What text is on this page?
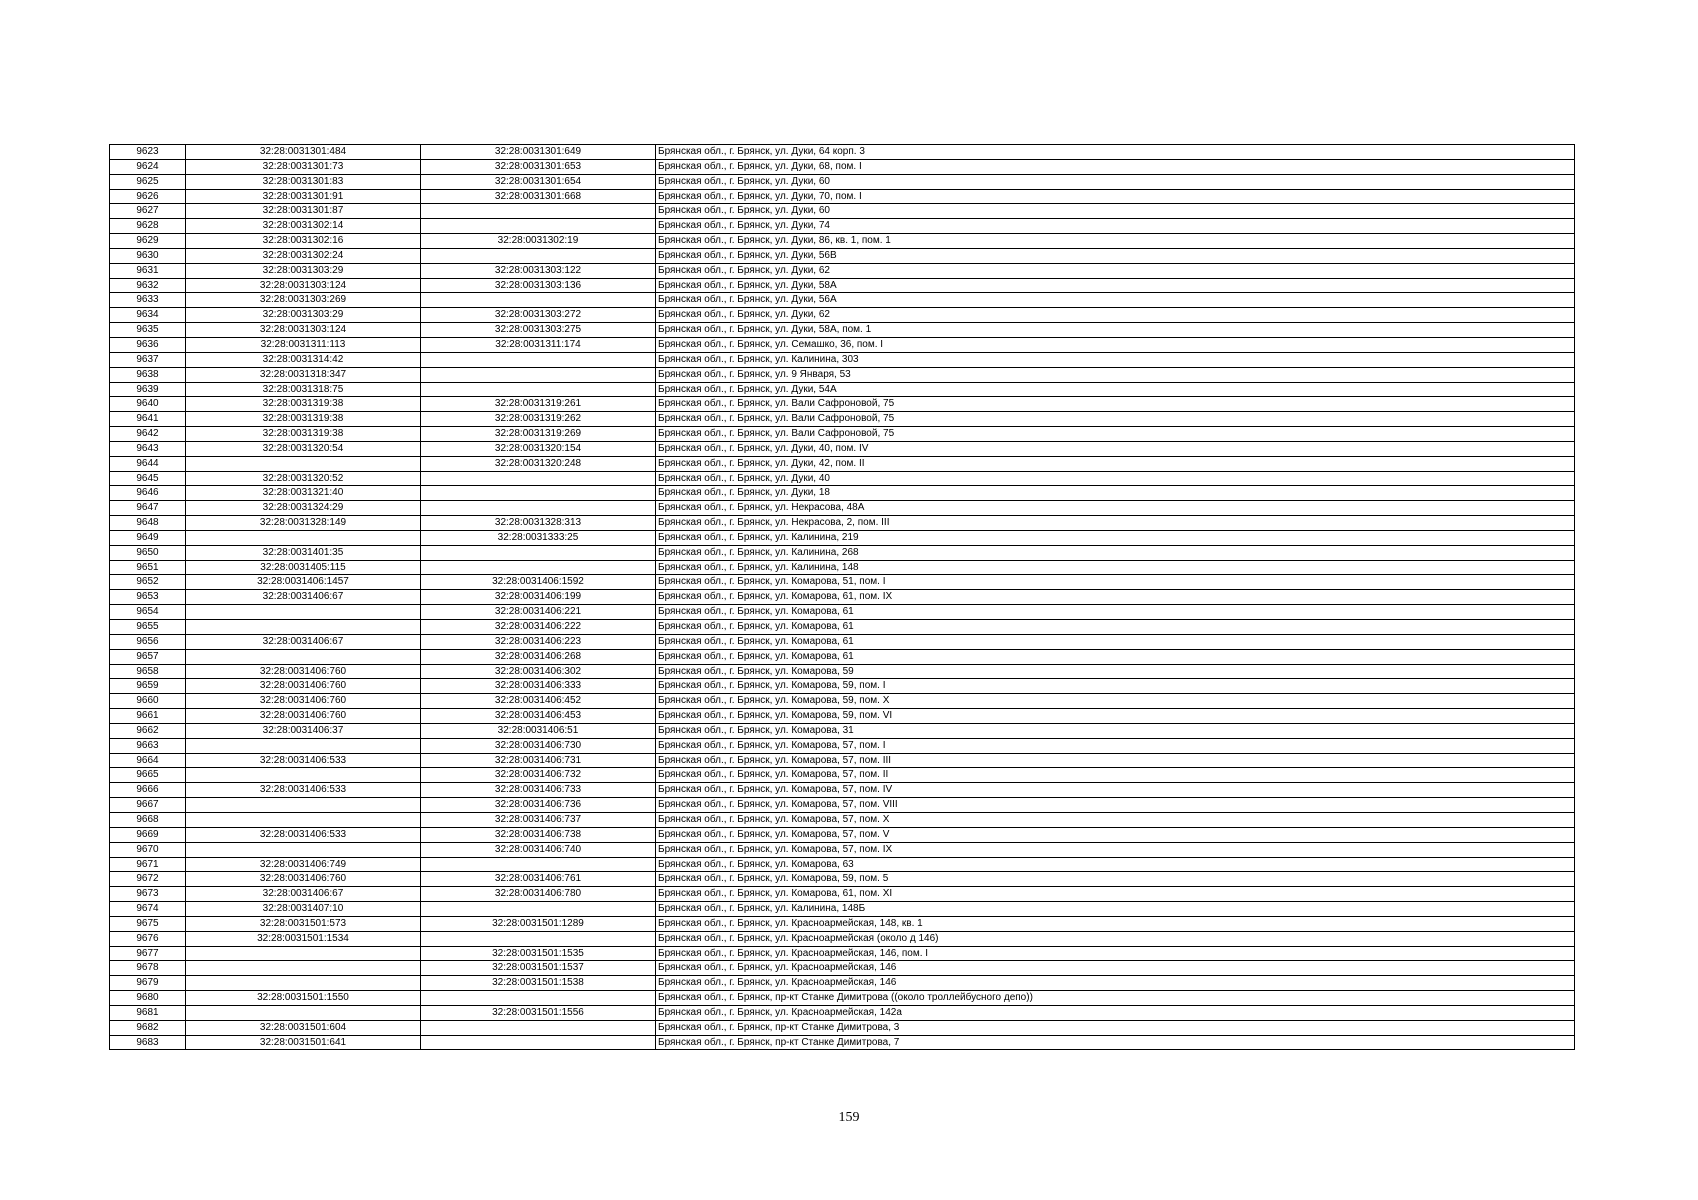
9623	32:28:0031301:484	32:28:0031301:649	Брянская обл., г. Брянск, ул. Дуки, 64 корп. 3
9624	32:28:0031301:73	32:28:0031301:653	Брянская обл., г. Брянск, ул. Дуки, 68, пом. I
9625	32:28:0031301:83	32:28:0031301:654	Брянская обл., г. Брянск, ул. Дуки, 60
9626	32:28:0031301:91	32:28:0031301:668	Брянская обл., г. Брянск, ул. Дуки, 70, пом. I
9627	32:28:0031301:87		Брянская обл., г. Брянск, ул. Дуки, 60
9628	32:28:0031302:14		Брянская обл., г. Брянск, ул. Дуки, 74
9629	32:28:0031302:16	32:28:0031302:19	Брянская обл., г. Брянск, ул. Дуки, 86, кв. 1, пом. 1
9630	32:28:0031302:24		Брянская обл., г. Брянск, ул. Дуки, 56В
9631	32:28:0031303:29	32:28:0031303:122	Брянская обл., г. Брянск, ул. Дуки, 62
9632	32:28:0031303:124	32:28:0031303:136	Брянская обл., г. Брянск, ул. Дуки, 58А
9633	32:28:0031303:269		Брянская обл., г. Брянск, ул. Дуки, 56А
9634	32:28:0031303:29	32:28:0031303:272	Брянская обл., г. Брянск, ул. Дуки, 62
9635	32:28:0031303:124	32:28:0031303:275	Брянская обл., г. Брянск, ул. Дуки, 58А, пом. 1
9636	32:28:0031311:113	32:28:0031311:174	Брянская обл., г. Брянск, ул. Семашко, 36, пом. I
9637	32:28:0031314:42		Брянская обл., г. Брянск, ул. Калинина, 303
9638	32:28:0031318:347		Брянская обл., г. Брянск, ул. 9 Января, 53
9639	32:28:0031318:75		Брянская обл., г. Брянск, ул. Дуки, 54А
9640	32:28:0031319:38	32:28:0031319:261	Брянская обл., г. Брянск, ул. Вали Сафроновой, 75
9641	32:28:0031319:38	32:28:0031319:262	Брянская обл., г. Брянск, ул. Вали Сафроновой, 75
9642	32:28:0031319:38	32:28:0031319:269	Брянская обл., г. Брянск, ул. Вали Сафроновой, 75
9643	32:28:0031320:54	32:28:0031320:154	Брянская обл., г. Брянск, ул. Дуки, 40, пом. IV
9644		32:28:0031320:248	Брянская обл., г. Брянск, ул. Дуки, 42, пом. II
9645	32:28:0031320:52		Брянская обл., г. Брянск, ул. Дуки, 40
9646	32:28:0031321:40		Брянская обл., г. Брянск, ул. Дуки, 18
9647	32:28:0031324:29		Брянская обл., г. Брянск, ул. Некрасова, 48А
9648	32:28:0031328:149	32:28:0031328:313	Брянская обл., г. Брянск, ул. Некрасова, 2, пом. III
9649		32:28:0031333:25	Брянская обл., г. Брянск, ул. Калинина, 219
9650	32:28:0031401:35		Брянская обл., г. Брянск, ул. Калинина, 268
9651	32:28:0031405:115		Брянская обл., г. Брянск, ул. Калинина, 148
9652	32:28:0031406:1457	32:28:0031406:1592	Брянская обл., г. Брянск, ул. Комарова, 51, пом. I
9653	32:28:0031406:67	32:28:0031406:199	Брянская обл., г. Брянск, ул. Комарова, 61, пом. IX
9654		32:28:0031406:221	Брянская обл., г. Брянск, ул. Комарова, 61
9655		32:28:0031406:222	Брянская обл., г. Брянск, ул. Комарова, 61
9656	32:28:0031406:67	32:28:0031406:223	Брянская обл., г. Брянск, ул. Комарова, 61
9657		32:28:0031406:268	Брянская обл., г. Брянск, ул. Комарова, 61
9658	32:28:0031406:760	32:28:0031406:302	Брянская обл., г. Брянск, ул. Комарова, 59
9659	32:28:0031406:760	32:28:0031406:333	Брянская обл., г. Брянск, ул. Комарова, 59, пом. I
9660	32:28:0031406:760	32:28:0031406:452	Брянская обл., г. Брянск, ул. Комарова, 59, пом. X
9661	32:28:0031406:760	32:28:0031406:453	Брянская обл., г. Брянск, ул. Комарова, 59, пом. VI
9662	32:28:0031406:37	32:28:0031406:51	Брянская обл., г. Брянск, ул. Комарова, 31
9663		32:28:0031406:730	Брянская обл., г. Брянск, ул. Комарова, 57, пом. I
9664	32:28:0031406:533	32:28:0031406:731	Брянская обл., г. Брянск, ул. Комарова, 57, пом. III
9665		32:28:0031406:732	Брянская обл., г. Брянск, ул. Комарова, 57, пом. II
9666	32:28:0031406:533	32:28:0031406:733	Брянская обл., г. Брянск, ул. Комарова, 57, пом. IV
9667		32:28:0031406:736	Брянская обл., г. Брянск, ул. Комарова, 57, пом. VIII
9668		32:28:0031406:737	Брянская обл., г. Брянск, ул. Комарова, 57, пом. X
9669	32:28:0031406:533	32:28:0031406:738	Брянская обл., г. Брянск, ул. Комарова, 57, пом. V
9670		32:28:0031406:740	Брянская обл., г. Брянск, ул. Комарова, 57, пом. IX
9671	32:28:0031406:749		Брянская обл., г. Брянск, ул. Комарова, 63
9672	32:28:0031406:760	32:28:0031406:761	Брянская обл., г. Брянск, ул. Комарова, 59, пом. 5
9673	32:28:0031406:67	32:28:0031406:780	Брянская обл., г. Брянск, ул. Комарова, 61, пом. XI
9674	32:28:0031407:10		Брянская обл., г. Брянск, ул. Калинина, 148Б
9675	32:28:0031501:573	32:28:0031501:1289	Брянская обл., г. Брянск, ул. Красноармейская, 148, кв. 1
9676	32:28:0031501:1534		Брянская обл., г. Брянск, ул. Красноармейская (около д 146)
9677		32:28:0031501:1535	Брянская обл., г. Брянск, ул. Красноармейская, 146, пом. I
9678		32:28:0031501:1537	Брянская обл., г. Брянск, ул. Красноармейская, 146
9679		32:28:0031501:1538	Брянская обл., г. Брянск, ул. Красноармейская, 146
9680	32:28:0031501:1550		Брянская обл., г. Брянск, пр-кт Станке Димитрова ((около троллейбусного депо))
9681		32:28:0031501:1556	Брянская обл., г. Брянск, ул. Красноармейская, 142а
9682	32:28:0031501:604		Брянская обл., г. Брянск, пр-кт Станке Димитрова, 3
9683	32:28:0031501:641		Брянская обл., г. Брянск, пр-кт Станке Димитрова, 7
159
